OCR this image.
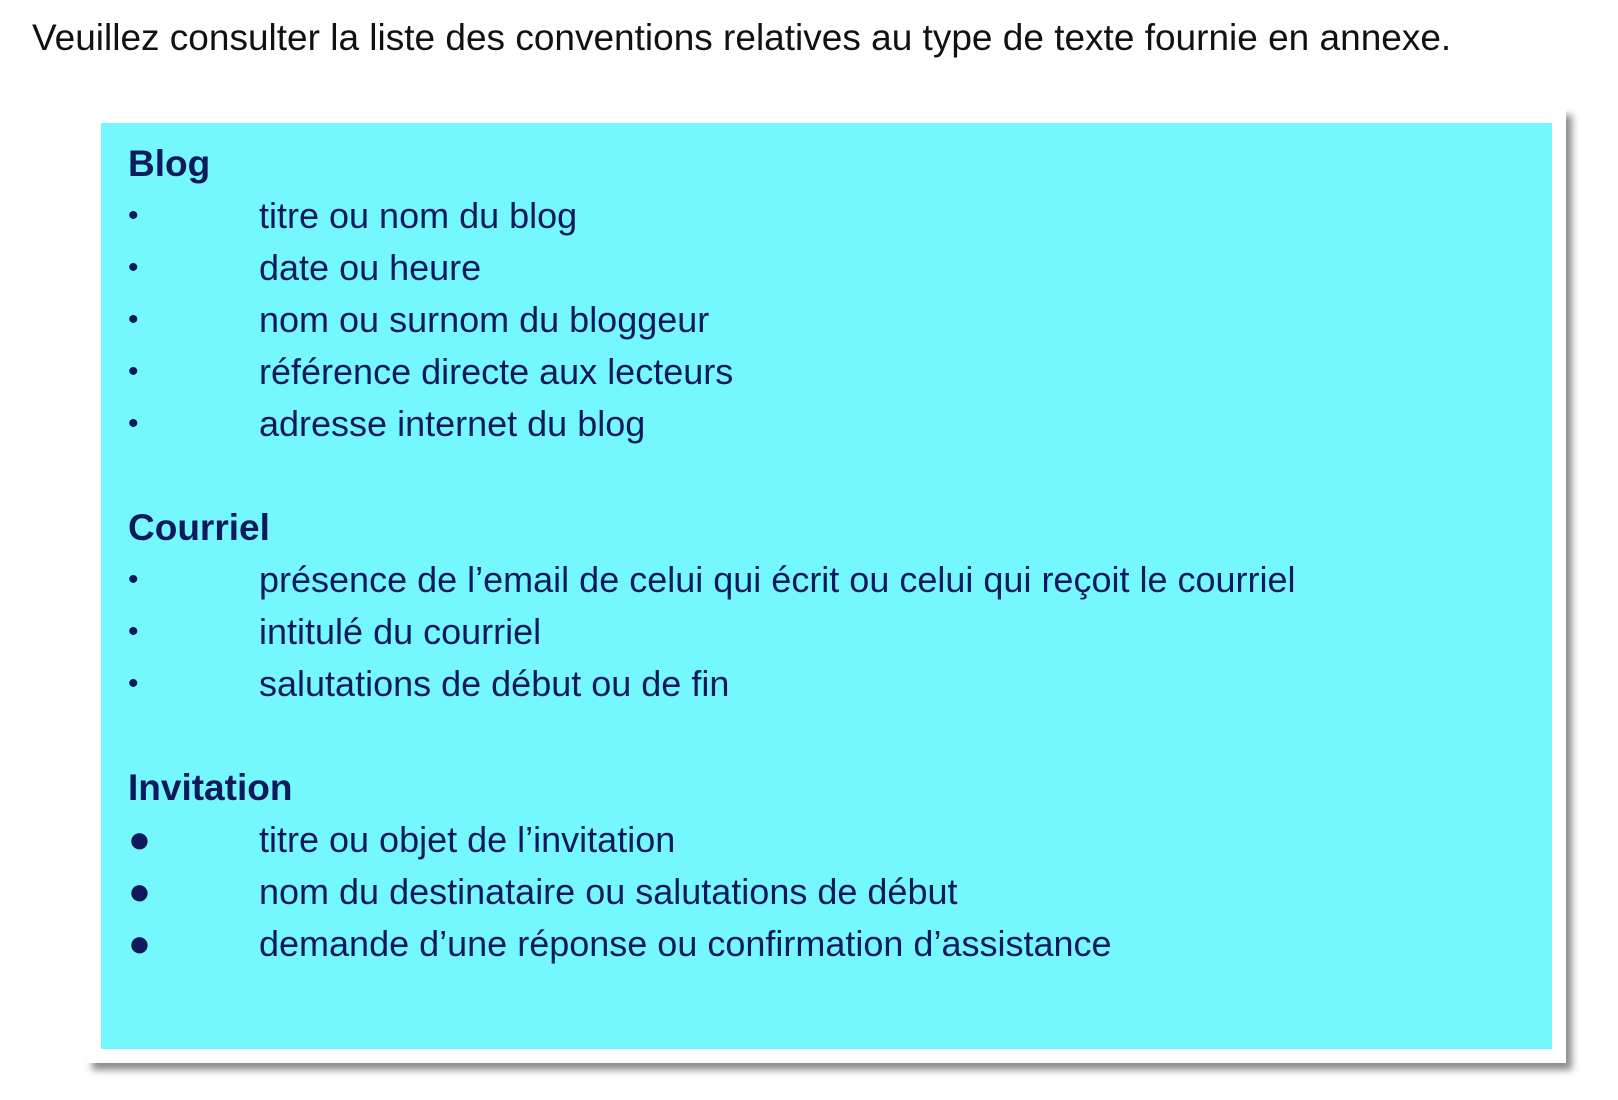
Veuillez consulter la liste des conventions relatives au type de texte fournie en annexe.

Blog
•	titre ou nom du blog
•	date ou heure
•	nom ou surnom du bloggeur
•	référence directe aux lecteurs
•	adresse internet du blog
Courriel
•	présence de l’email de celui qui écrit ou celui qui reçoit le courriel
•	intitulé du courriel
•	salutations de début ou de fin
Invitation
●	titre ou objet de l’invitation
●	nom du destinataire ou salutations de début
●	demande d’une réponse ou confirmation d’assistance
